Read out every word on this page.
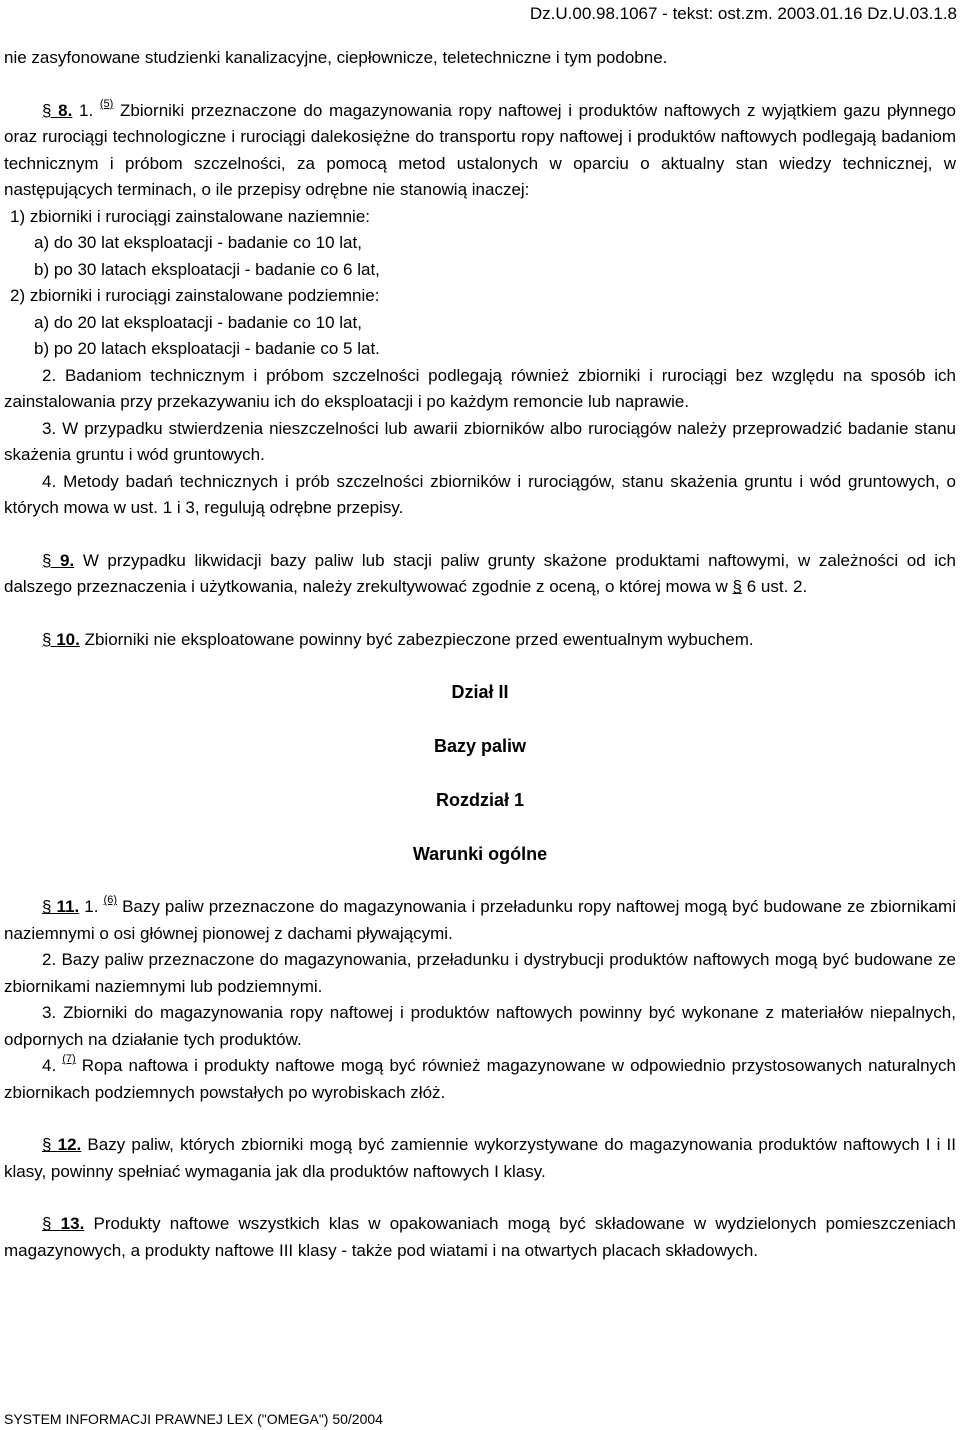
Dz.U.00.98.1067 - tekst: ost.zm. 2003.01.16 Dz.U.03.1.8

nie zasyfonowane studzienki kanalizacyjne, ciepłownicze, teletechniczne i tym podobne.

§ 8. 1. $^{(5)}$ Zbiorniki przeznaczone do magazynowania ropy naftowej i produktów naftowych z wyjątkiem gazu płynnego oraz rurociągi technologiczne i rurociągi dalekosiężne do transportu ropy naftowej i produktów naftowych podlegają badaniom technicznym i próbom szczelności, za pomocą metod ustalonych w oparciu o aktualny stan wiedzy technicznej, w następujących terminach, o ile przepisy odrębne nie stanowią inaczej:

1) zbiorniki i rurociągi zainstalowane naziemnie:
a) do 30 lat eksploatacji - badanie co 10 lat,
b) po 30 latach eksploatacji - badanie co 6 lat,
2) zbiorniki i rurociągi zainstalowane podziemnie:
a) do 20 lat eksploatacji - badanie co 10 lat,
b) po 20 latach eksploatacji - badanie co 5 lat.

2. Badaniom technicznym i próbom szczelności podlegają również zbiorniki i rurociągi bez względu na sposób ich zainstalowania przy przekazywaniu ich do eksploatacji i po każdym remoncie lub naprawie.

3. W przypadku stwierdzenia nieszczelności lub awarii zbiorników albo rurociągów należy przeprowadzić badanie stanu skażenia gruntu i wód gruntowych.

4. Metody badań technicznych i prób szczelności zbiorników i rurociągów, stanu skażenia gruntu i wód gruntowych, o których mowa w ust. 1 i 3, regulują odrębne przepisy.

§ 9. W przypadku likwidacji bazy paliw lub stacji paliw grunty skażone produktami naftowymi, w zależności od ich dalszego przeznaczenia i użytkowania, należy zrekultywować zgodnie z oceną, o której mowa w § 6 ust. 2.

§ 10. Zbiorniki nie eksploatowane powinny być zabezpieczone przed ewentualnym wybuchem.

Dział II
Bazy paliw
Rozdział 1
Warunki ogólne

§ 11. 1. $^{(6)}$ Bazy paliw przeznaczone do magazynowania i przeładunku ropy naftowej mogą być budowane ze zbiornikami naziemnymi o osi głównej pionowej z dachami pływającymi.

2. Bazy paliw przeznaczone do magazynowania, przeładunku i dystrybucji produktów naftowych mogą być budowane ze zbiornikami naziemnymi lub podziemnymi.

3. Zbiorniki do magazynowania ropy naftowej i produktów naftowych powinny być wykonane z materiałów niepalnych, odpornych na działanie tych produktów.

4. $^{(7)}$ Ropa naftowa i produkty naftowe mogą być również magazynowane w odpowiednio przystosowanych naturalnych zbiornikach podziemnych powstałych po wyrobiskach złóż.

§ 12. Bazy paliw, których zbiorniki mogą być zamiennie wykorzystywane do magazynowania produktów naftowych I i II klasy, powinny spełniać wymagania jak dla produktów naftowych I klasy.

§ 13. Produkty naftowe wszystkich klas w opakowaniach mogą być składowane w wydzielonych pomieszczeniach magazynowych, a produkty naftowe III klasy - także pod wiatami i na otwartych placach składowych.

SYSTEM INFORMACJI PRAWNEJ LEX ("OMEGA") 50/2004
